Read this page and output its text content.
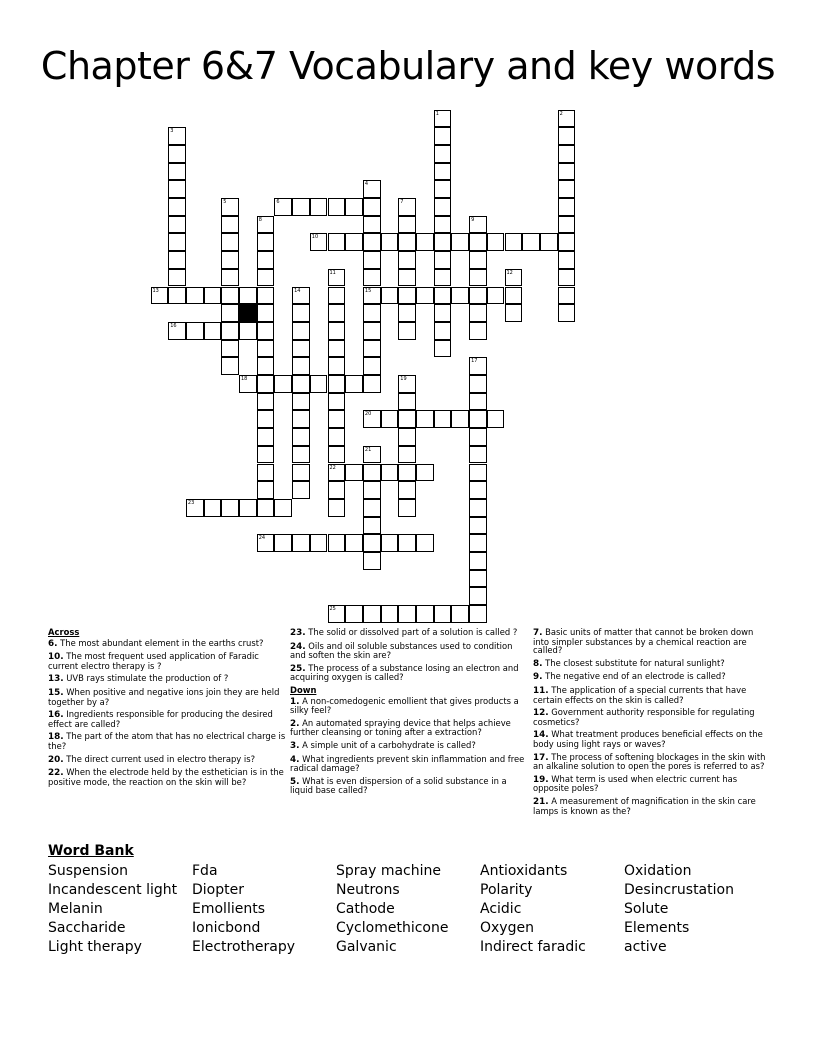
Chapter 6&7 Vocabulary and key words
1	2
3
4
15
5	6	7
8	9
10
11
22
12
13	14
16
17
18	19
20
21
23
24
25
Across
6. The most abundant element in the earths crust?
10. The most frequent used application of Faradic current electro therapy is ?
13. UVB rays stimulate the production of ?
15. When positive and negative ions join they are held together by a?
16. Ingredients responsible for producing the desired effect are called?
18. The part of the atom that has no electrical charge is the?
20. The direct current used in electro therapy is?
22. When the electrode held by the esthetician is in the positive mode, the reaction on the skin will be?
23. The solid or dissolved part of a solution is called ?
24. Oils and oil soluble substances used to condition and soften the skin are?
25. The process of a substance losing an electron and acquiring oxygen is called?
Down
1. A non-comedogenic emollient that gives products a silky feel?
2. An automated spraying device that helps achieve further cleansing or toning after a extraction?
3. A simple unit of a carbohydrate is called?
4. What ingredients prevent skin inflammation and free radical damage?
5. What is even dispersion of a solid substance in a liquid base called?
7. Basic units of matter that cannot be broken down into simpler substances by a chemical reaction are called?
8. The closest substitute for natural sunlight?
9. The negative end of an electrode is called?
11. The application of a special currents that have certain effects on the skin is called?
12. Government authority responsible for regulating cosmetics?
14. What treatment produces beneficial effects on the body using light rays or waves?
17. The process of softening blockages in the skin with an alkaline solution to open the pores is referred to as?
19. What term is used when electric current has opposite poles?
21. A measurement of magnification in the skin care lamps is known as the?
Word Bank
Suspension
Incandescent light
Melanin
Saccharide
Light therapy
Fda
Diopter
Emollients
Ionicbond
Electrotherapy
Spray machine
Neutrons
Cathode
Cyclomethicone
Galvanic
Antioxidants
Polarity
Acidic
Oxygen
Indirect faradic
Oxidation
Desincrustation
Solute
Elements
active
